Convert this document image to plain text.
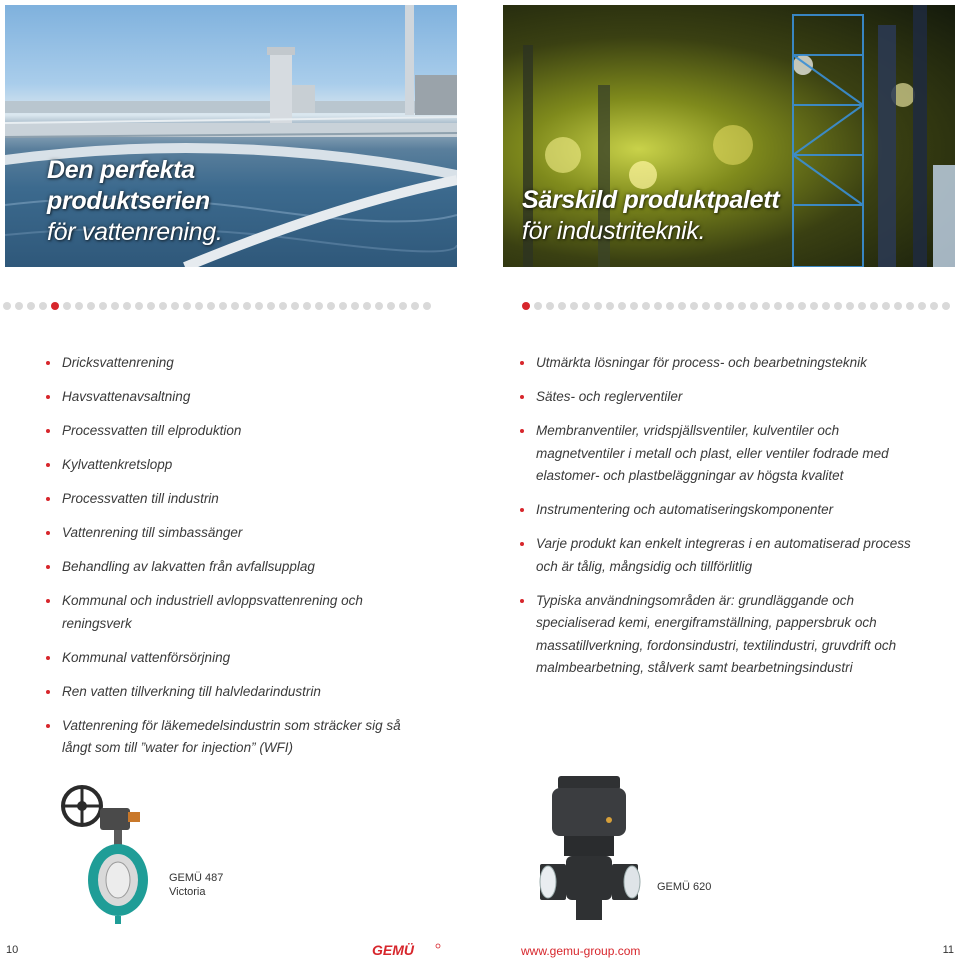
Den perfekta
produktserien
för vattenrening.
Särskild produktpalett
för industriteknik.
Dricksvattenrening
Havsvattenavsaltning
Processvatten till elproduktion
Kylvattenkretslopp
Processvatten till industrin
Vattenrening till simbassänger
Behandling av lakvatten från avfallsupplag
Kommunal och industriell avloppsvattenrening och reningsverk
Kommunal vattenförsörjning
Ren vatten tillverkning till halvledarindustrin
Vattenrening för läkemedelsindustrin som sträcker sig så långt som till ”water for injection” (WFI)
Utmärkta lösningar för process- och bearbetningsteknik
Sätes- och reglerventiler
Membranventiler, vridspjällsventiler, kulventiler och magnetventiler i metall och plast, eller ventiler fodrade med elastomer- och plastbeläggningar av högsta kvalitet
Instrumentering och automatiseringskomponenter
Varje produkt kan enkelt integreras i en automatiserad process och är tålig, mångsidig och tillförlitlig
Typiska användningsområden är: grundläggande och specialiserad kemi, energiframställning, pappersbruk och massatillverkning, fordonsindustri, textilindustri, gruvdrift och malmbearbetning, stålverk samt bearbetningsindustri
GEMÜ 487
Victoria	GEMÜ 620
10	GEMÜ	www.gemu-group.com	11
